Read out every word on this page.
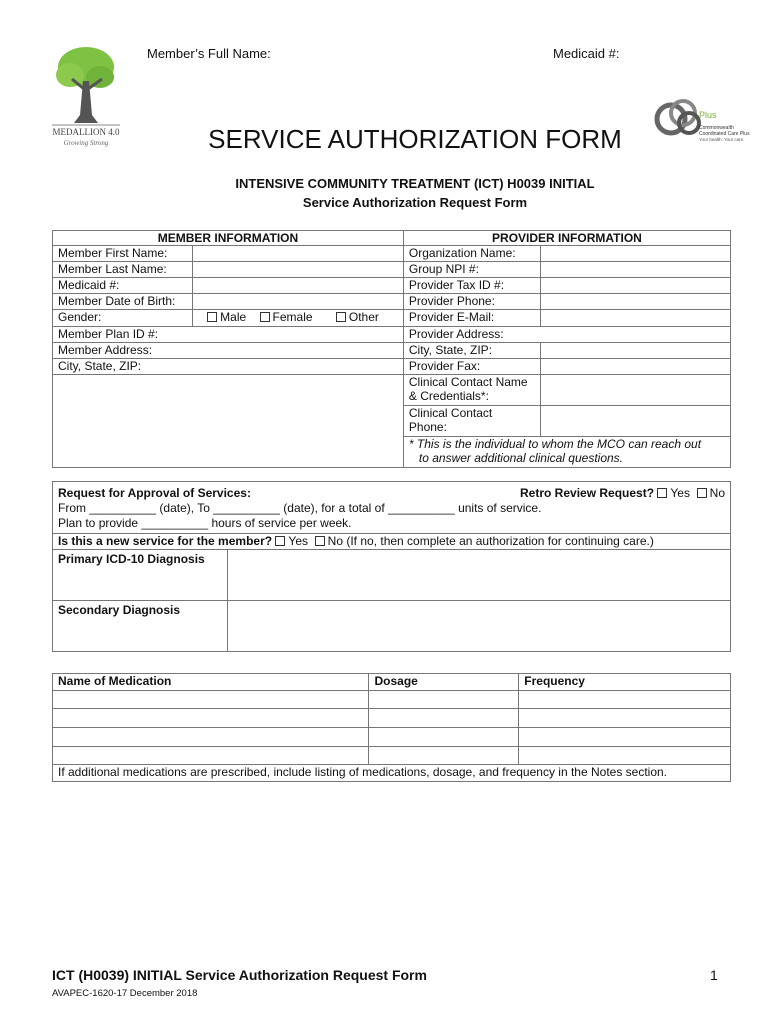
MEDALLION 4.0
Growing Strong
Plus
Commonwealth
Coordinated Care Plus
Your health. Your care.
Member’s Full Name:	Medicaid #:
SERVICE AUTHORIZATION FORM
INTENSIVE COMMUNITY TREATMENT (ICT) H0039 INITIAL
Service Authorization Request Form
MEMBER INFORMATION		PROVIDER INFORMATION	
Member First Name:		Organization Name:	
Member Last Name:		Group NPI #:	
Medicaid #:		Provider Tax ID #:	
Member Date of Birth:		Provider Phone:	
Gender:	Male Female Other	Provider E-Mail:	
Member Plan ID #:		Provider Address:	
Member Address:		City, State, ZIP:	
City, State, ZIP:		Provider Fax:	
		Clinical Contact Name
& Credentials*:	
		Clinical Contact
Phone:	
		* This is the individual to whom the MCO can reach out
to answer additional clinical questions.	
Request for Approval of Services: Retro Review Request? Yes No
From __________ (date), To __________ (date), for a total of __________ units of service.
Plan to provide __________ hours of service per week.	

Is this a new service for the member? Yes No (If no, then complete an authorization for continuing care.)	
Primary ICD-10 Diagnosis	
Secondary Diagnosis	
Name of Medication	Dosage	Frequency

If additional medications are prescribed, include listing of medications, dosage, and frequency in the Notes section.		
ICT (H0039) INITIAL Service Authorization Request Form	1
AVAPEC-1620-17 December 2018
